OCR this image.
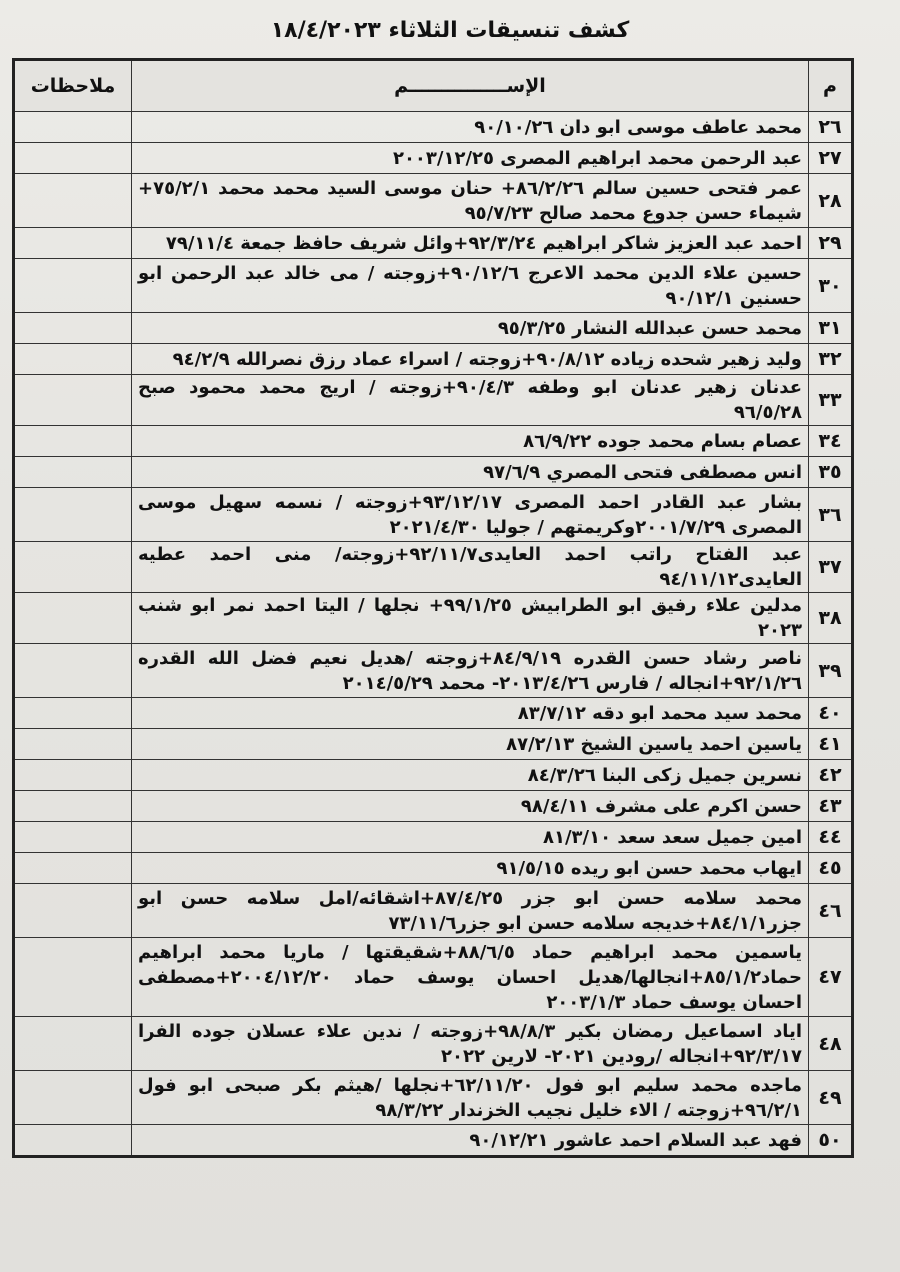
كشف تنسيقات الثلاثاء ١٨/٤/٢٠٢٣
م	الإســـــــــــــــم	ملاحظات
٢٦	محمد عاطف موسى ابو دان ٩٠/١٠/٢٦	
٢٧	عبد الرحمن محمد ابراهيم المصرى ٢٠٠٣/١٢/٢٥	
٢٨	عمر فتحى حسين سالم ٨٦/٢/٢٦+ حنان موسى السيد محمد محمد ٧٥/٢/١+ شيماء حسن جدوع محمد صالح ٩٥/٧/٢٣	
٢٩	احمد عبد العزيز شاكر ابراهيم ٩٢/٣/٢٤+وائل شريف حافظ جمعة ٧٩/١١/٤	
٣٠	حسين علاء الدين محمد الاعرج ٩٠/١٢/٦+زوجته / مى خالد عبد الرحمن ابو حسنين ٩٠/١٢/١	
٣١	محمد حسن عبدالله النشار ٩٥/٣/٢٥	
٣٢	وليد زهير شحده زياده ٩٠/٨/١٢+زوجته / اسراء عماد رزق نصرالله ٩٤/٢/٩	
٣٣	عدنان زهير عدنان ابو وطفه ٩٠/٤/٣+زوجته / اريج محمد محمود صبح ٩٦/٥/٢٨	
٣٤	عصام بسام محمد جوده ٨٦/٩/٢٢	
٣٥	انس مصطفى فتحى المصري ٩٧/٦/٩	
٣٦	بشار عبد القادر احمد المصرى ٩٣/١٢/١٧+زوجته / نسمه سهيل موسى المصرى ٢٠٠١/٧/٢٩وكريمتهم / جوليا ٢٠٢١/٤/٣٠	
٣٧	عبد الفتاح راتب احمد العايدى٩٢/١١/٧+زوجته/ منى احمد عطيه العايدى٩٤/١١/١٢	
٣٨	مدلين علاء رفيق ابو الطرابيش ٩٩/١/٢٥+ نجلها / اليتا احمد نمر ابو شنب ٢٠٢٣	
٣٩	ناصر رشاد حسن القدره ٨٤/٩/١٩+زوجته /هديل نعيم فضل الله القدره ٩٢/١/٢٦+انجاله / فارس ٢٠١٣/٤/٢٦- محمد ٢٠١٤/٥/٢٩	
٤٠	محمد سيد محمد ابو دقه ٨٣/٧/١٢	
٤١	ياسين احمد ياسين الشيخ ٨٧/٢/١٣	
٤٢	نسرين جميل زكى البنا ٨٤/٣/٢٦	
٤٣	حسن اكرم على مشرف ٩٨/٤/١١	
٤٤	امين جميل سعد سعد ٨١/٣/١٠	
٤٥	ايهاب محمد حسن ابو ريده ٩١/٥/١٥	
٤٦	محمد سلامه حسن ابو جزر ٨٧/٤/٢٥+اشقائه/امل سلامه حسن ابو جزر٨٤/١/١+خديجه سلامه حسن ابو جزر٧٣/١١/٦	
٤٧	ياسمين محمد ابراهيم حماد ٨٨/٦/٥+شقيقتها / ماريا محمد ابراهيم حماد٨٥/١/٢+انجالها/هديل احسان يوسف حماد ٢٠٠٤/١٢/٢٠+مصطفى احسان يوسف حماد ٢٠٠٣/١/٣	
٤٨	اياد اسماعيل رمضان بكير ٩٨/٨/٣+زوجته / ندين علاء عسلان جوده الفرا ٩٢/٣/١٧+انجاله /رودين ٢٠٢١- لارين ٢٠٢٢	
٤٩	ماجده محمد سليم ابو فول ٦٢/١١/٢٠+نجلها /هيثم بكر صبحى ابو فول ٩٦/٢/١+زوجته / الاء خليل نجيب الخزندار ٩٨/٣/٢٢	
٥٠	فهد عبد السلام احمد عاشور ٩٠/١٢/٢١	
